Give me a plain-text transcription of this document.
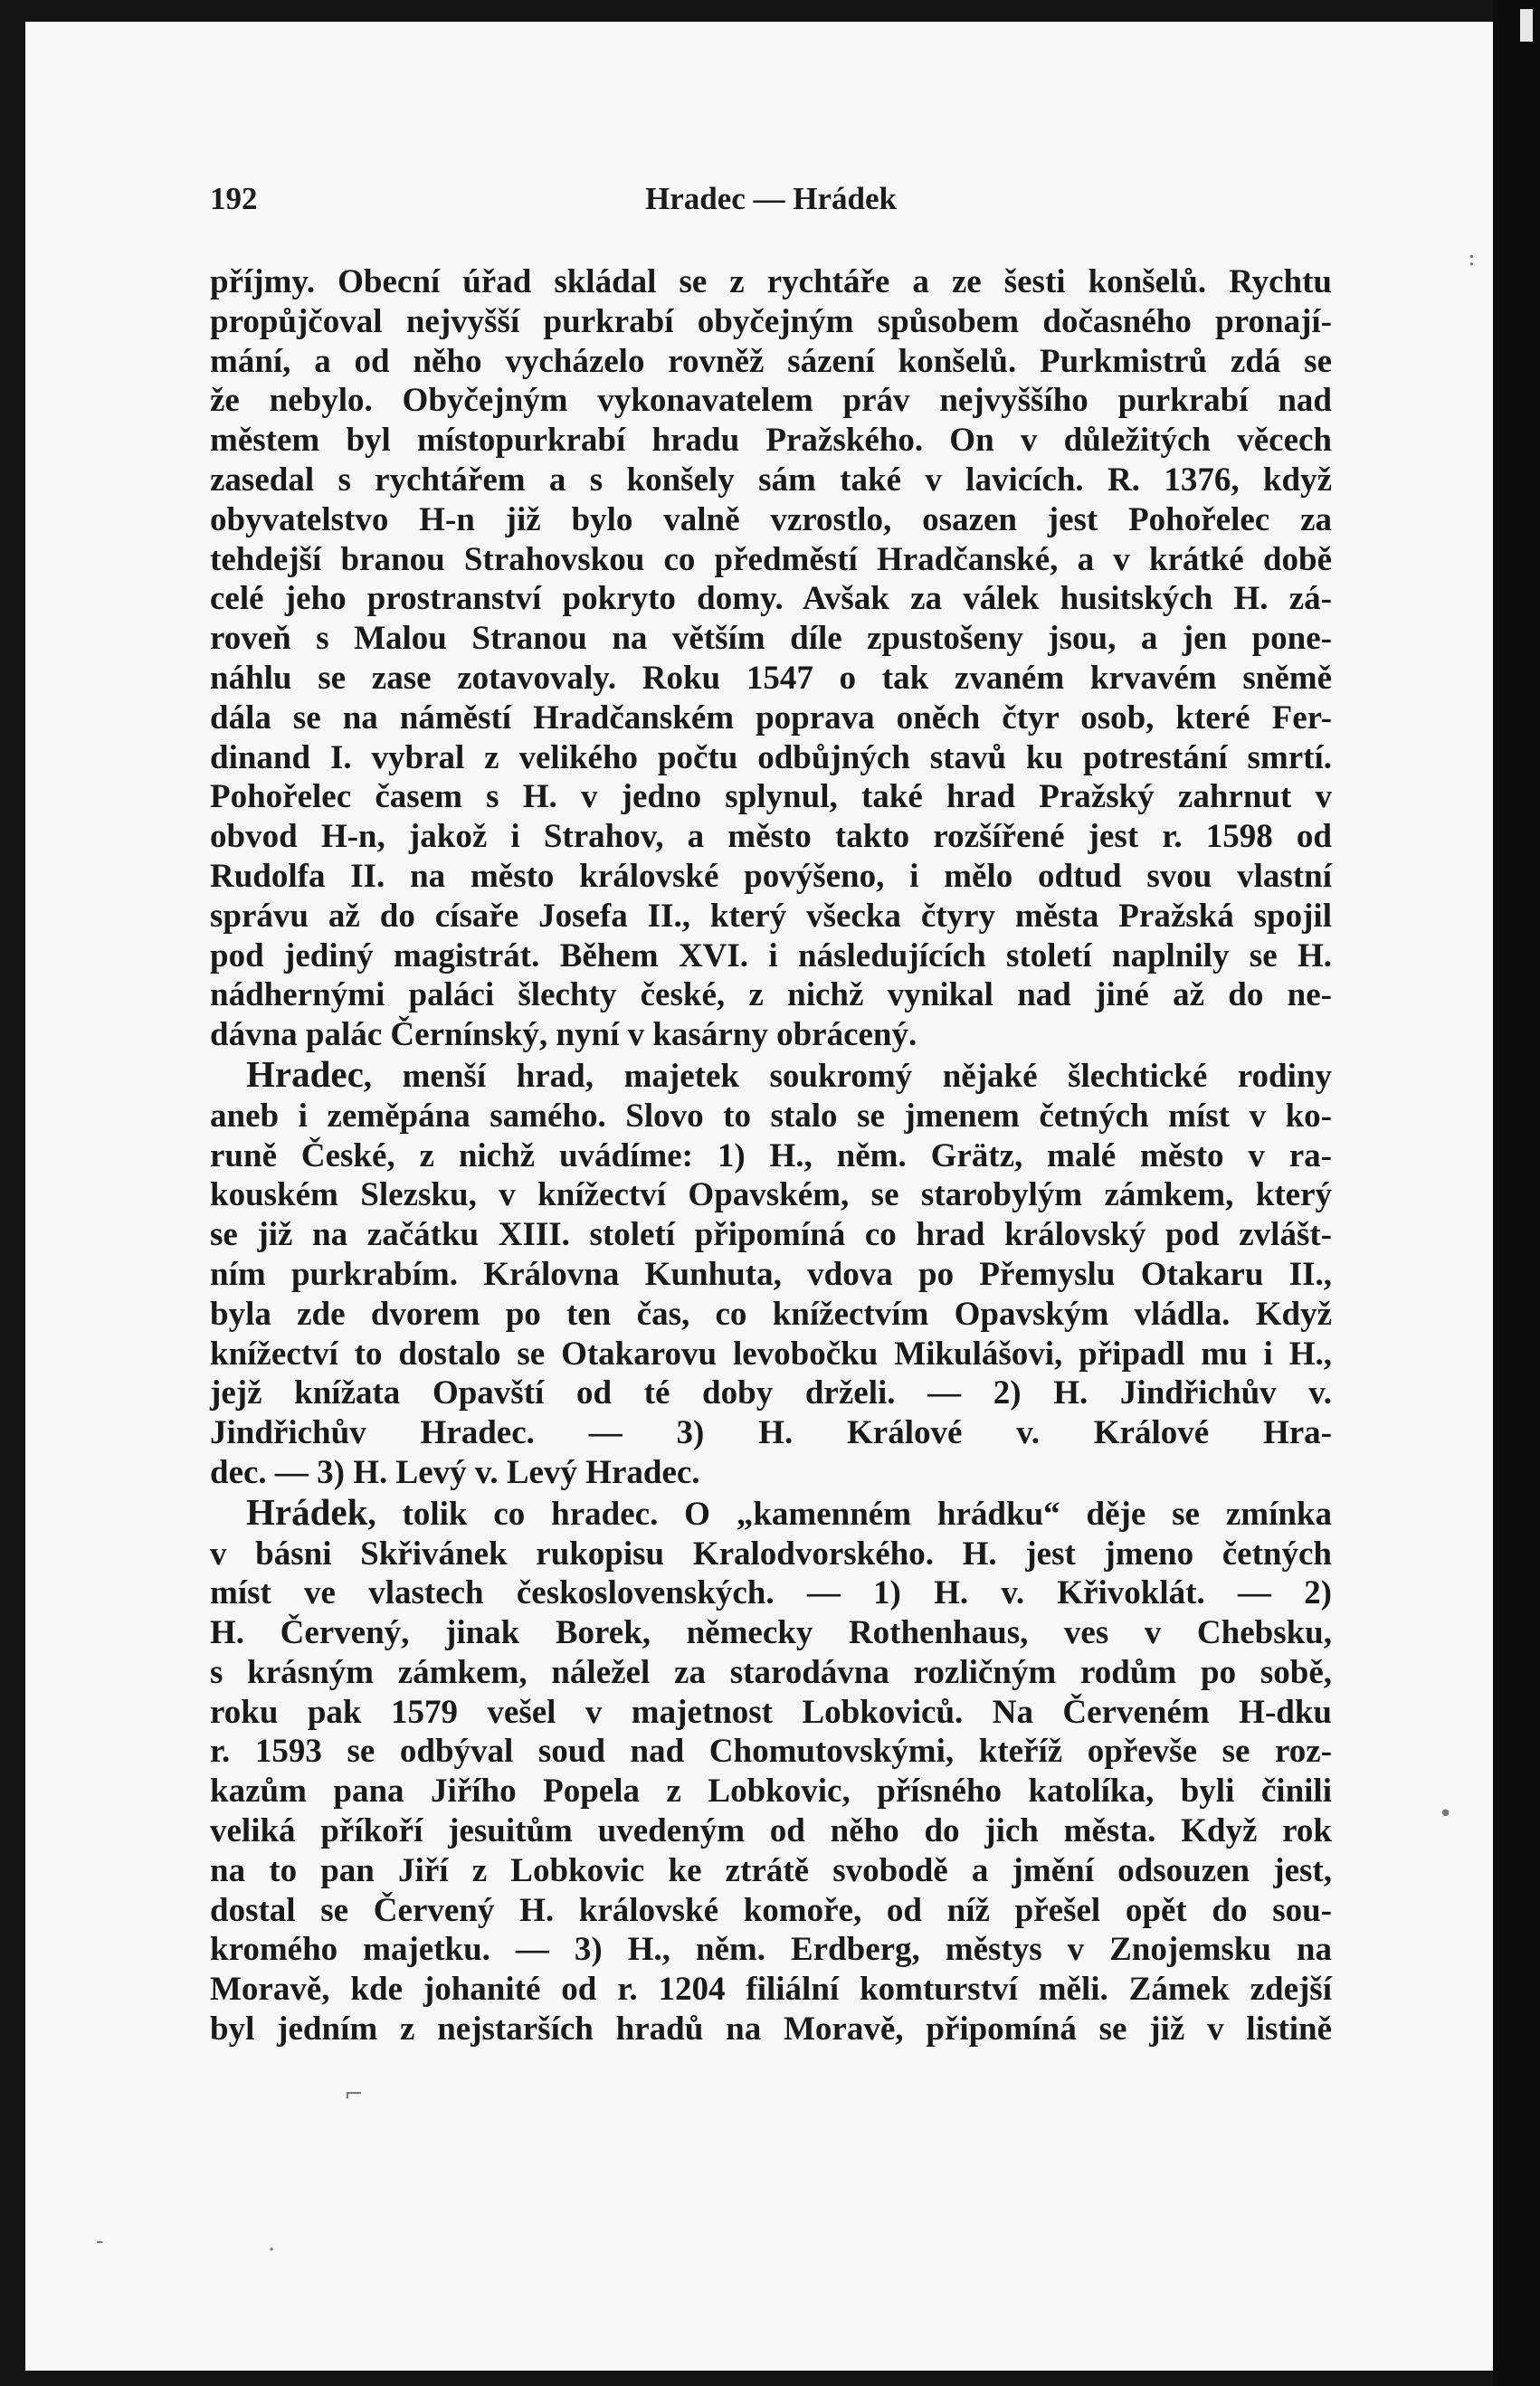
192	Hradec — Hrádek
příjmy. Obecní úřad skládal se z rychtáře a ze šesti konšelů. Rychtu
propůjčoval nejvyšší purkrabí obyčejným spůsobem dočasného pronají-
mání, a od něho vycházelo rovněž sázení konšelů. Purkmistrů zdá se
že nebylo. Obyčejným vykonavatelem práv nejvyššího purkrabí nad
městem byl místopurkrabí hradu Pražského. On v důležitých věcech
zasedal s rychtářem a s konšely sám také v lavicích. R. 1376, když
obyvatelstvo H-n již bylo valně vzrostlo, osazen jest Pohořelec za
tehdejší branou Strahovskou co předměstí Hradčanské, a v krátké době
celé jeho prostranství pokryto domy. Avšak za válek husitských H. zá-
roveň s Malou Stranou na větším díle zpustošeny jsou, a jen pone-
náhlu se zase zotavovaly. Roku 1547 o tak zvaném krvavém sněmě
dála se na náměstí Hradčanském poprava oněch čtyr osob, které Fer-
dinand I. vybral z velikého počtu odbůjných stavů ku potrestání smrtí.
Pohořelec časem s H. v jedno splynul, také hrad Pražský zahrnut v
obvod H-n, jakož i Strahov, a město takto rozšířené jest r. 1598 od
Rudolfa II. na město královské povýšeno, i mělo odtud svou vlastní
správu až do císaře Josefa II., který všecka čtyry města Pražská spojil
pod jediný magistrát. Během XVI. i následujících století naplnily se H.
nádhernými paláci šlechty české, z nichž vynikal nad jiné až do ne-
dávna palác Černínský, nyní v kasárny obrácený.
Hradec, menší hrad, majetek soukromý nějaké šlechtické rodiny
aneb i zeměpána samého. Slovo to stalo se jmenem četných míst v ko-
runě České, z nichž uvádíme: 1) H., něm. Grätz, malé město v ra-
kouském Slezsku, v knížectví Opavském, se starobylým zámkem, který
se již na začátku XIII. století připomíná co hrad královský pod zvlášt-
ním purkrabím. Královna Kunhuta, vdova po Přemyslu Otakaru II.,
byla zde dvorem po ten čas, co knížectvím Opavským vládla. Když
knížectví to dostalo se Otakarovu levobočku Mikulášovi, připadl mu i H.,
jejž knížata Opavští od té doby drželi. — 2) H. Jindřichův v.
Jindřichův Hradec. — 3) H. Králové v. Králové Hra-
dec. — 3) H. Levý v. Levý Hradec.
Hrádek, tolik co hradec. O „kamenném hrádku“ děje se zmínka
v básni Skřivánek rukopisu Kralodvorského. H. jest jmeno četných
míst ve vlastech československých. — 1) H. v. Křivoklát. — 2)
H. Červený, jinak Borek, německy Rothenhaus, ves v Chebsku,
s krásným zámkem, náležel za starodávna rozličným rodům po sobě,
roku pak 1579 vešel v majetnost Lobkoviců. Na Červeném H-dku
r. 1593 se odbýval soud nad Chomutovskými, kteříž opřevše se roz-
kazům pana Jiřího Popela z Lobkovic, přísného katolíka, byli činili
veliká příkoří jesuitům uvedeným od něho do jich města. Když rok
na to pan Jiří z Lobkovic ke ztrátě svobodě a jmění odsouzen jest,
dostal se Červený H. královské komoře, od níž přešel opět do sou-
kromého majetku. — 3) H., něm. Erdberg, městys v Znojemsku na
Moravě, kde johanité od r. 1204 filiální komturství měli. Zámek zdejší
byl jedním z nejstarších hradů na Moravě, připomíná se již v listině
:
•
⌐
-	.
